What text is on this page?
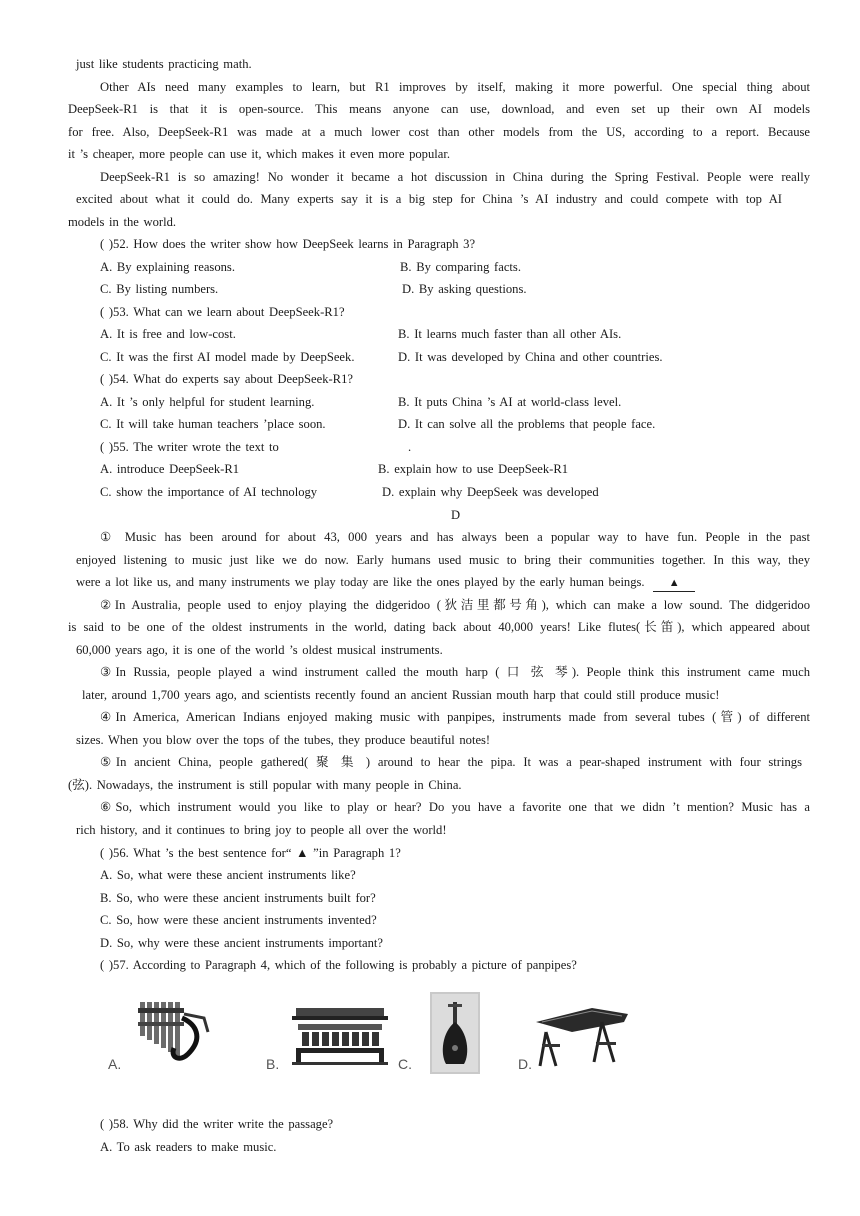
just like students practicing math.
Other AIs need many examples to learn, but R1 improves by itself, making it more powerful. One special thing about
DeepSeek-R1 is that it is open-source. This means anyone can use, download, and even set up their own AI models
for free. Also, DeepSeek-R1 was made at a much lower cost than other models from the US, according to a report. Because
it ’s cheaper, more people can use it, which makes it even more popular.
DeepSeek-R1 is so amazing! No wonder it became a hot discussion in China during the Spring Festival. People were really
excited about what it could do. Many experts say it is a big step for China ’s AI industry and could compete with top AI
models in the world.
( )52. How does the writer show how DeepSeek learns in Paragraph 3?
A. By explaining reasons.	B. By comparing facts.
C. By listing numbers.	D. By asking questions.
( )53. What can we learn about DeepSeek-R1?
A. It is free and low-cost.	B. It learns much faster than all other AIs.
C. It was the first AI model made by DeepSeek.	D. It was developed by China and other countries.
( )54. What do experts say about DeepSeek-R1?
A. It ’s only helpful for student learning.	B. It puts China ’s AI at world-class level.
C. It will take human teachers ’place soon.	D. It can solve all the problems that people face.
( )55. The writer wrote the text to	.
A. introduce DeepSeek-R1	B. explain how to use DeepSeek-R1
C. show the importance of AI technology	D. explain why DeepSeek was developed
D
① Music has been around for about 43, 000 years and has always been a popular way to have fun. People in the past
enjoyed listening to music just like we do now. Early humans used music to bring their communities together. In this way, they
were a lot like us, and many instruments we play today are like the ones played by the early human beings. ▲
②In Australia, people used to enjoy playing the didgeridoo (狄洁里都号角), which can make a low sound. The didgeridoo
is said to be one of the oldest instruments in the world, dating back about 40,000 years! Like flutes(长笛), which appeared about
60,000 years ago, it is one of the world ’s oldest musical instruments.
③In Russia, people played a wind instrument called the mouth harp ( 口 弦 琴). People think this instrument came much
later, around 1,700 years ago, and scientists recently found an ancient Russian mouth harp that could still produce music!
④In America, American Indians enjoyed making music with panpipes, instruments made from several tubes (管) of different
sizes. When you blow over the tops of the tubes, they produce beautiful notes!
⑤In ancient China, people gathered( 聚 集 ) around to hear the pipa. It was a pear-shaped instrument with four strings
(弦). Nowadays, the instrument is still popular with many people in China.
⑥So, which instrument would you like to play or hear? Do you have a favorite one that we didn ’t mention? Music has a
rich history, and it continues to bring joy to people all over the world!
( )56. What ’s the best sentence for“ ▲ ”in Paragraph 1?
A. So, what were these ancient instruments like?
B. So, who were these ancient instruments built for?
C. So, how were these ancient instruments invented?
D. So, why were these ancient instruments important?
( )57. According to Paragraph 4, which of the following is probably a picture of panpipes?
A.	B.	C.	D.
( )58. Why did the writer write the passage?
A. To ask readers to make music.
